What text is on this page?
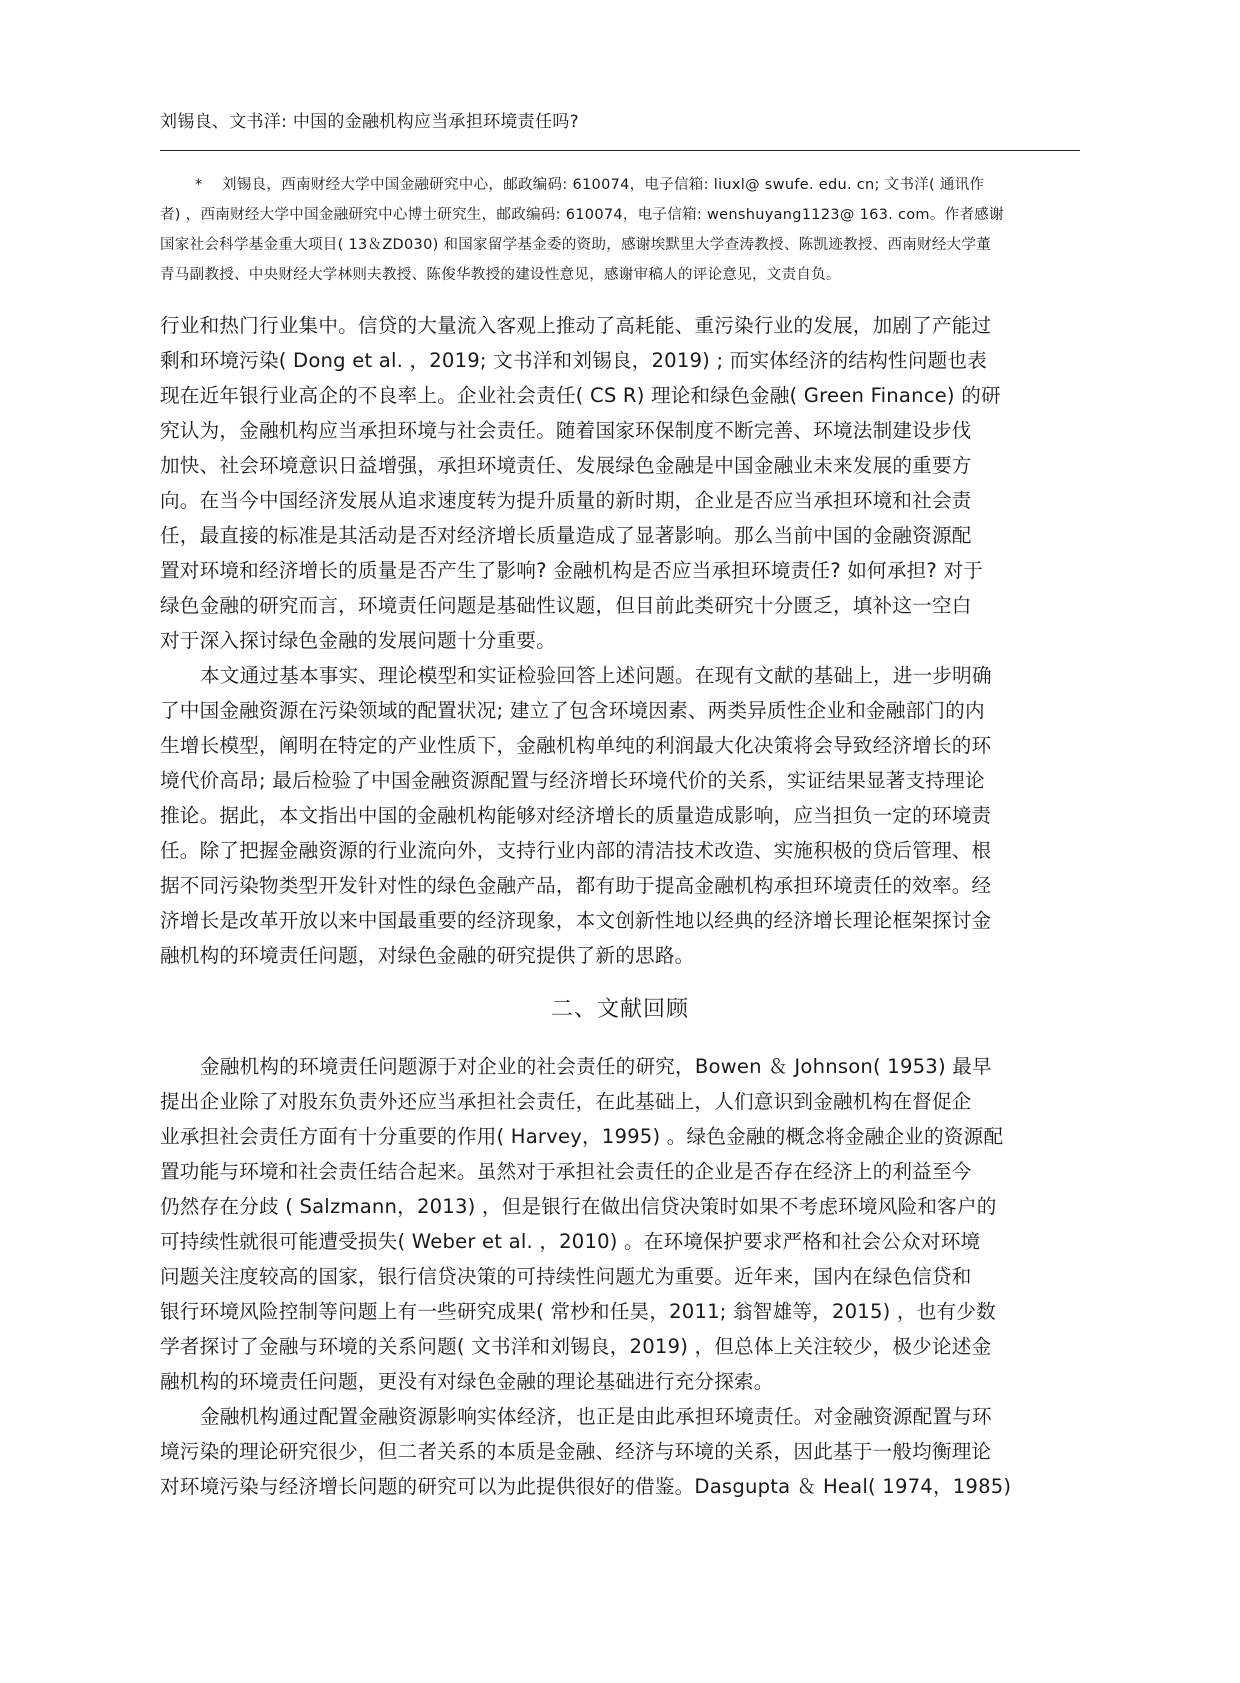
刘锡良、文书洋: 中国的金融机构应当承担环境责任吗?
* 刘锡良，西南财经大学中国金融研究中心，邮政编码: 610074，电子信箱: liuxl@ swufe. edu. cn; 文书洋( 通讯作
者) ，西南财经大学中国金融研究中心博士研究生，邮政编码: 610074，电子信箱: wenshuyang1123@ 163. com。作者感谢
国家社会科学基金重大项目( 13＆ZD030) 和国家留学基金委的资助，感谢埃默里大学查涛教授、陈凯迹教授、西南财经大学董
青马副教授、中央财经大学林则夫教授、陈俊华教授的建设性意见，感谢审稿人的评论意见，文责自负。
行业和热门行业集中。信贷的大量流入客观上推动了高耗能、重污染行业的发展，加剧了产能过
剩和环境污染( Dong et al. ，2019; 文书洋和刘锡良，2019) ; 而实体经济的结构性问题也表
现在近年银行业高企的不良率上。企业社会责任( CS R) 理论和绿色金融( Green Finance) 的研
究认为，金融机构应当承担环境与社会责任。随着国家环保制度不断完善、环境法制建设步伐
加快、社会环境意识日益增强，承担环境责任、发展绿色金融是中国金融业未来发展的重要方
向。在当今中国经济发展从追求速度转为提升质量的新时期，企业是否应当承担环境和社会责
任，最直接的标准是其活动是否对经济增长质量造成了显著影响。那么当前中国的金融资源配
置对环境和经济增长的质量是否产生了影响? 金融机构是否应当承担环境责任? 如何承担? 对于
绿色金融的研究而言，环境责任问题是基础性议题，但目前此类研究十分匮乏，填补这一空白
对于深入探讨绿色金融的发展问题十分重要。
本文通过基本事实、理论模型和实证检验回答上述问题。在现有文献的基础上，进一步明确
了中国金融资源在污染领域的配置状况; 建立了包含环境因素、两类异质性企业和金融部门的内
生增长模型，阐明在特定的产业性质下，金融机构单纯的利润最大化决策将会导致经济增长的环
境代价高昂; 最后检验了中国金融资源配置与经济增长环境代价的关系，实证结果显著支持理论
推论。据此，本文指出中国的金融机构能够对经济增长的质量造成影响，应当担负一定的环境责
任。除了把握金融资源的行业流向外，支持行业内部的清洁技术改造、实施积极的贷后管理、根
据不同污染物类型开发针对性的绿色金融产品，都有助于提高金融机构承担环境责任的效率。经
济增长是改革开放以来中国最重要的经济现象，本文创新性地以经典的经济增长理论框架探讨金
融机构的环境责任问题，对绿色金融的研究提供了新的思路。
二、文献回顾
金融机构的环境责任问题源于对企业的社会责任的研究，Bowen ＆ Johnson( 1953) 最早
提出企业除了对股东负责外还应当承担社会责任，在此基础上，人们意识到金融机构在督促企
业承担社会责任方面有十分重要的作用( Harvey，1995) 。绿色金融的概念将金融企业的资源配
置功能与环境和社会责任结合起来。虽然对于承担社会责任的企业是否存在经济上的利益至今
仍然存在分歧 ( Salzmann，2013) ，但是银行在做出信贷决策时如果不考虑环境风险和客户的
可持续性就很可能遭受损失( Weber et al. ，2010) 。在环境保护要求严格和社会公众对环境
问题关注度较高的国家，银行信贷决策的可持续性问题尤为重要。近年来，国内在绿色信贷和
银行环境风险控制等问题上有一些研究成果( 常杪和任昊，2011; 翁智雄等，2015) ，也有少数
学者探讨了金融与环境的关系问题( 文书洋和刘锡良，2019) ，但总体上关注较少，极少论述金
融机构的环境责任问题，更没有对绿色金融的理论基础进行充分探索。
金融机构通过配置金融资源影响实体经济，也正是由此承担环境责任。对金融资源配置与环
境污染的理论研究很少，但二者关系的本质是金融、经济与环境的关系，因此基于一般均衡理论
对环境污染与经济增长问题的研究可以为此提供很好的借鉴。Dasgupta ＆ Heal( 1974，1985)
